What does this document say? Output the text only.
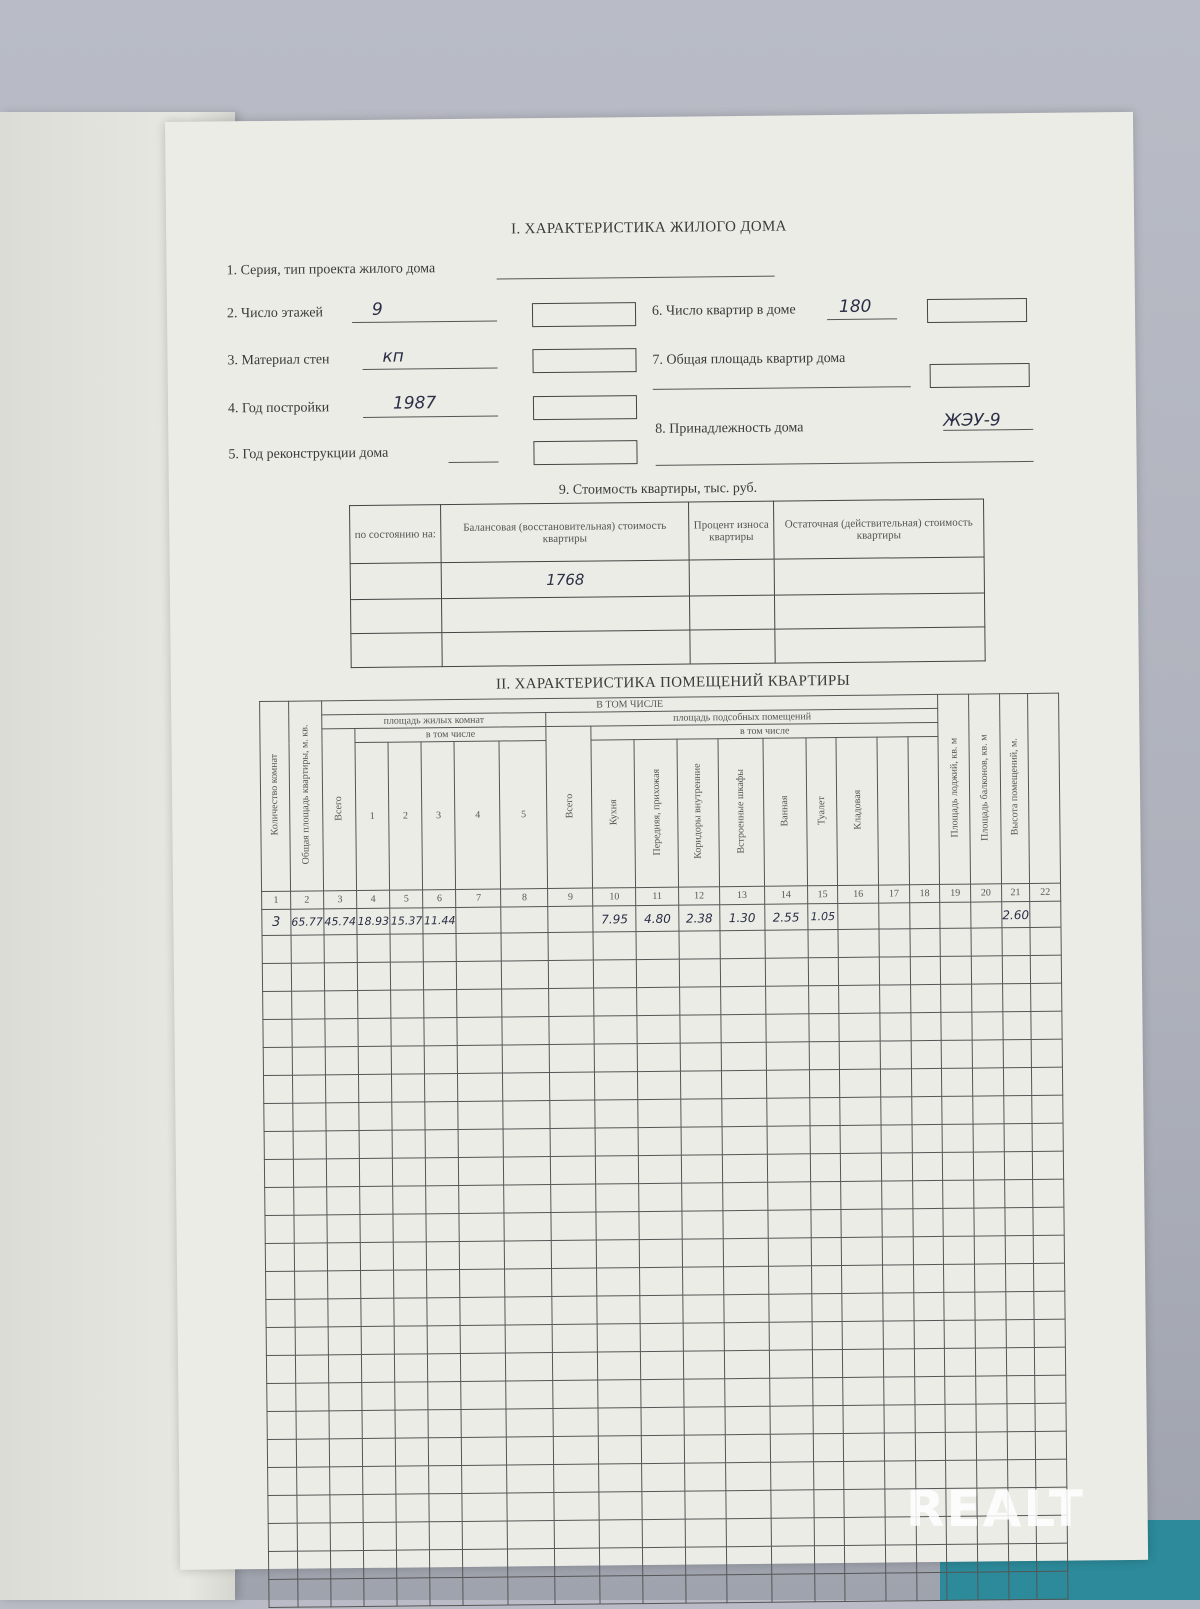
I. ХАРАКТЕРИСТИКА ЖИЛОГО ДОМА
1. Серия, тип проекта жилого дома
2. Число этажей	9
3. Материал стен	кп
4. Год постройки	1987
5. Год реконструкции дома
6. Число квартир в доме	180
7. Общая площадь квартир дома
8. Принадлежность дома	ЖЭУ-9
9. Стоимость квартиры, тыс. руб.
по состоянию на:	Балансовая (восстановительная) стоимость квартиры	Процент износа квартиры	Остаточная (действительная) стоимость квартиры
	1768		

II. ХАРАКТЕРИСТИКА ПОМЕЩЕНИЙ КВАРТИРЫ
Количество комнат	Общая площадь квартиры, м. кв.	В ТОМ ЧИСЛЕ																Площадь лоджий, кв. м	Площадь балконов, кв. м	Высота помещений, м.	
		площадь жилых комнат						площадь подсобных помещений													
		Всего	в том числе					Всего	в том числе												
			1	2	3	4	5		Кухня	Передняя, прихожая	Коридоры внутренние	Встроенные шкафы	Ванная	Туалет	Кладовая						
1	2	3	4	5	6	7	8	9	10	11	12	13	14	15	16	17	18	19	20	21	22
3	65.77	45.74	18.93	15.37	11.44				7.95	4.80	2.38	1.30	2.55	1.05						2.60	

REALT
